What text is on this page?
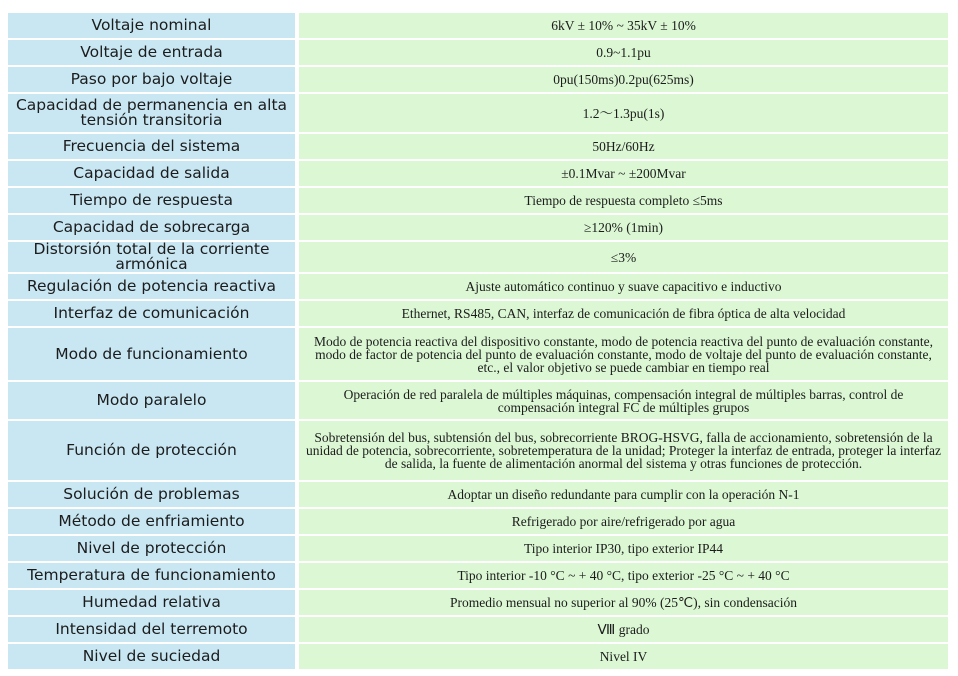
Voltaje nominal		6kV ± 10% ~ 35kV ± 10%
Voltaje de entrada		0.9~1.1pu
Paso por bajo voltaje		0pu(150ms)0.2pu(625ms)
Capacidad de permanencia en alta tensión transitoria		1.2～1.3pu(1s)
Frecuencia del sistema		50Hz/60Hz
Capacidad de salida		±0.1Mvar ~ ±200Mvar
Tiempo de respuesta		Tiempo de respuesta completo ≤5ms
Capacidad de sobrecarga		≥120% (1min)
Distorsión total de la corriente armónica		≤3%
Regulación de potencia reactiva		Ajuste automático continuo y suave capacitivo e inductivo
Interfaz de comunicación		Ethernet, RS485, CAN, interfaz de comunicación de fibra óptica de alta velocidad
Modo de funcionamiento		Modo de potencia reactiva del dispositivo constante, modo de potencia reactiva del punto de evaluación constante, modo de factor de potencia del punto de evaluación constante, modo de voltaje del punto de evaluación constante, etc., el valor objetivo se puede cambiar en tiempo real
Modo paralelo		Operación de red paralela de múltiples máquinas, compensación integral de múltiples barras, control de compensación integral FC de múltiples grupos
Función de protección		Sobretensión del bus, subtensión del bus, sobrecorriente BROG-HSVG, falla de accionamiento, sobretensión de la unidad de potencia, sobrecorriente, sobretemperatura de la unidad; Proteger la interfaz de entrada, proteger la interfaz de salida, la fuente de alimentación anormal del sistema y otras funciones de protección.
Solución de problemas		Adoptar un diseño redundante para cumplir con la operación N-1
Método de enfriamiento		Refrigerado por aire/refrigerado por agua
Nivel de protección		Tipo interior IP30, tipo exterior IP44
Temperatura de funcionamiento		Tipo interior -10 °C ~ + 40 °C, tipo exterior -25 °C ~ + 40 °C
Humedad relativa		Promedio mensual no superior al 90% (25℃), sin condensación
Intensidad del terremoto		Ⅷ grado
Nivel de suciedad		Nivel IV
